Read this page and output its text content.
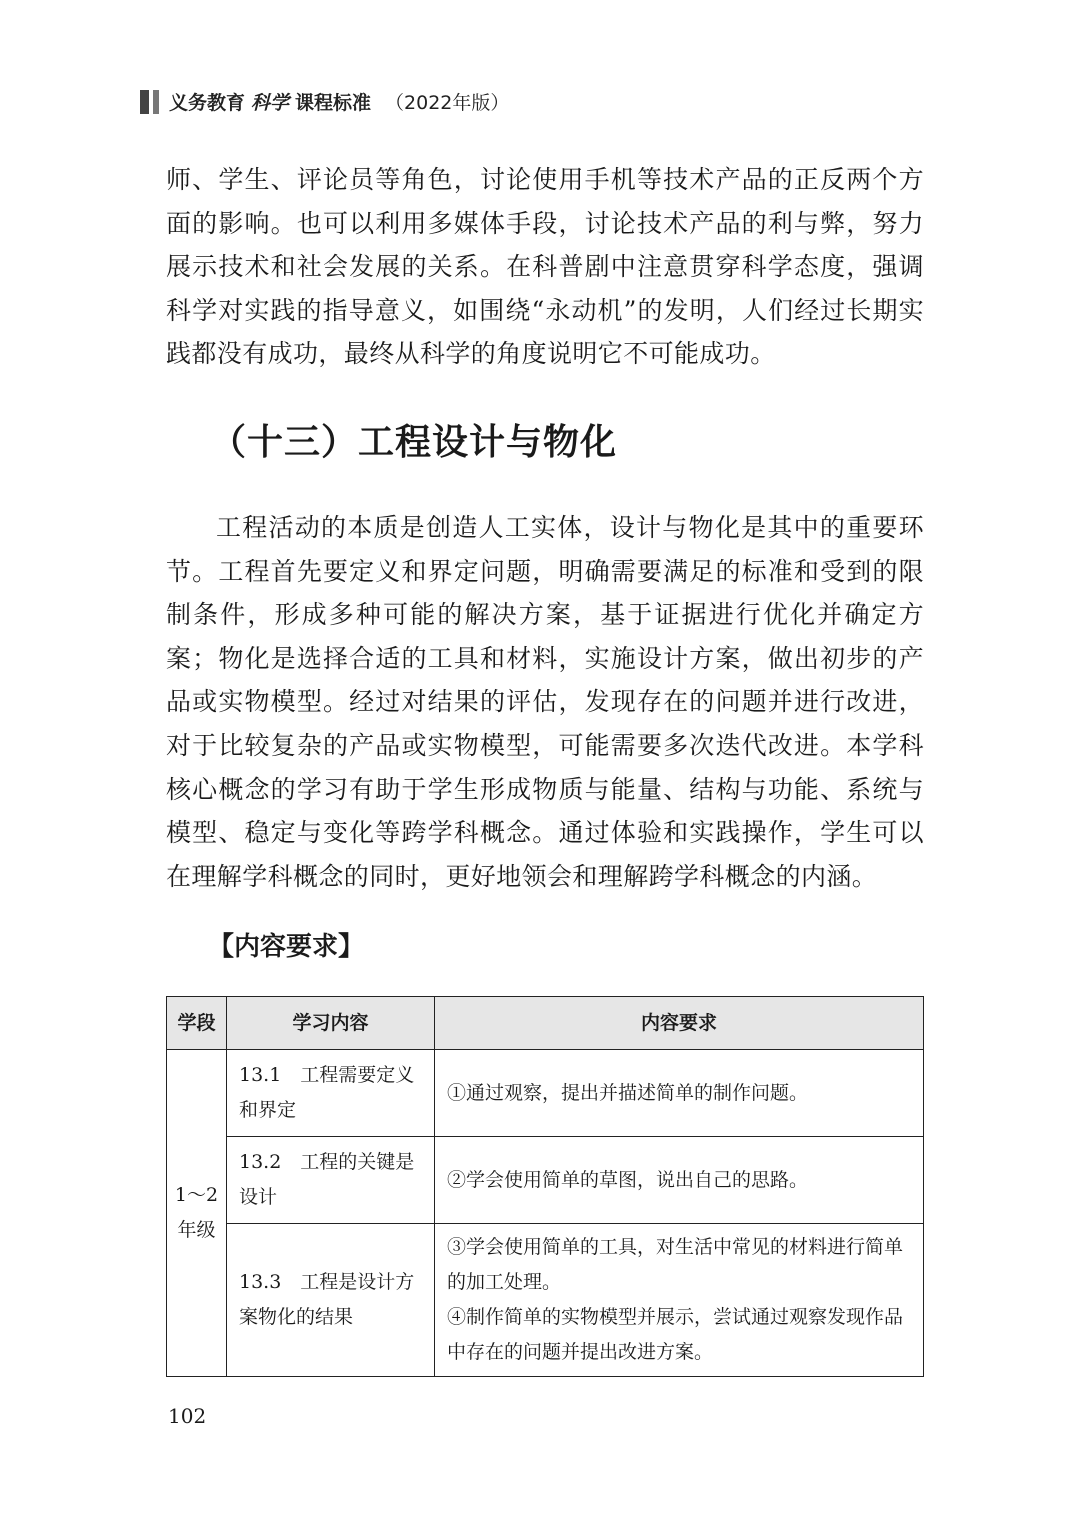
义务教育 科学 课程标准 （2022年版）

师、学生、评论员等角色，讨论使用手机等技术产品的正反两个方面的影响。也可以利用多媒体手段，讨论技术产品的利与弊，努力展示技术和社会发展的关系。在科普剧中注意贯穿科学态度，强调科学对实践的指导意义，如围绕“永动机”的发明，人们经过长期实践都没有成功，最终从科学的角度说明它不可能成功。

（十三）工程设计与物化

工程活动的本质是创造人工实体，设计与物化是其中的重要环节。工程首先要定义和界定问题，明确需要满足的标准和受到的限制条件，形成多种可能的解决方案，基于证据进行优化并确定方案；物化是选择合适的工具和材料，实施设计方案，做出初步的产品或实物模型。经过对结果的评估，发现存在的问题并进行改进，对于比较复杂的产品或实物模型，可能需要多次迭代改进。本学科核心概念的学习有助于学生形成物质与能量、结构与功能、系统与模型、稳定与变化等跨学科概念。通过体验和实践操作，学生可以在理解学科概念的同时，更好地领会和理解跨学科概念的内涵。

【内容要求】
学段	学习内容	内容要求
1～2年级	13.1　工程需要定义和界定	①通过观察，提出并描述简单的制作问题。

	13.2　工程的关键是设计	②学会使用简单的草图，说出自己的思路。

	13.3　工程是设计方案物化的结果	③学会使用简单的工具，对生活中常见的材料进行简单的加工处理。
④制作简单的实物模型并展示，尝试通过观察发现作品中存在的问题并提出改进方案。
102
